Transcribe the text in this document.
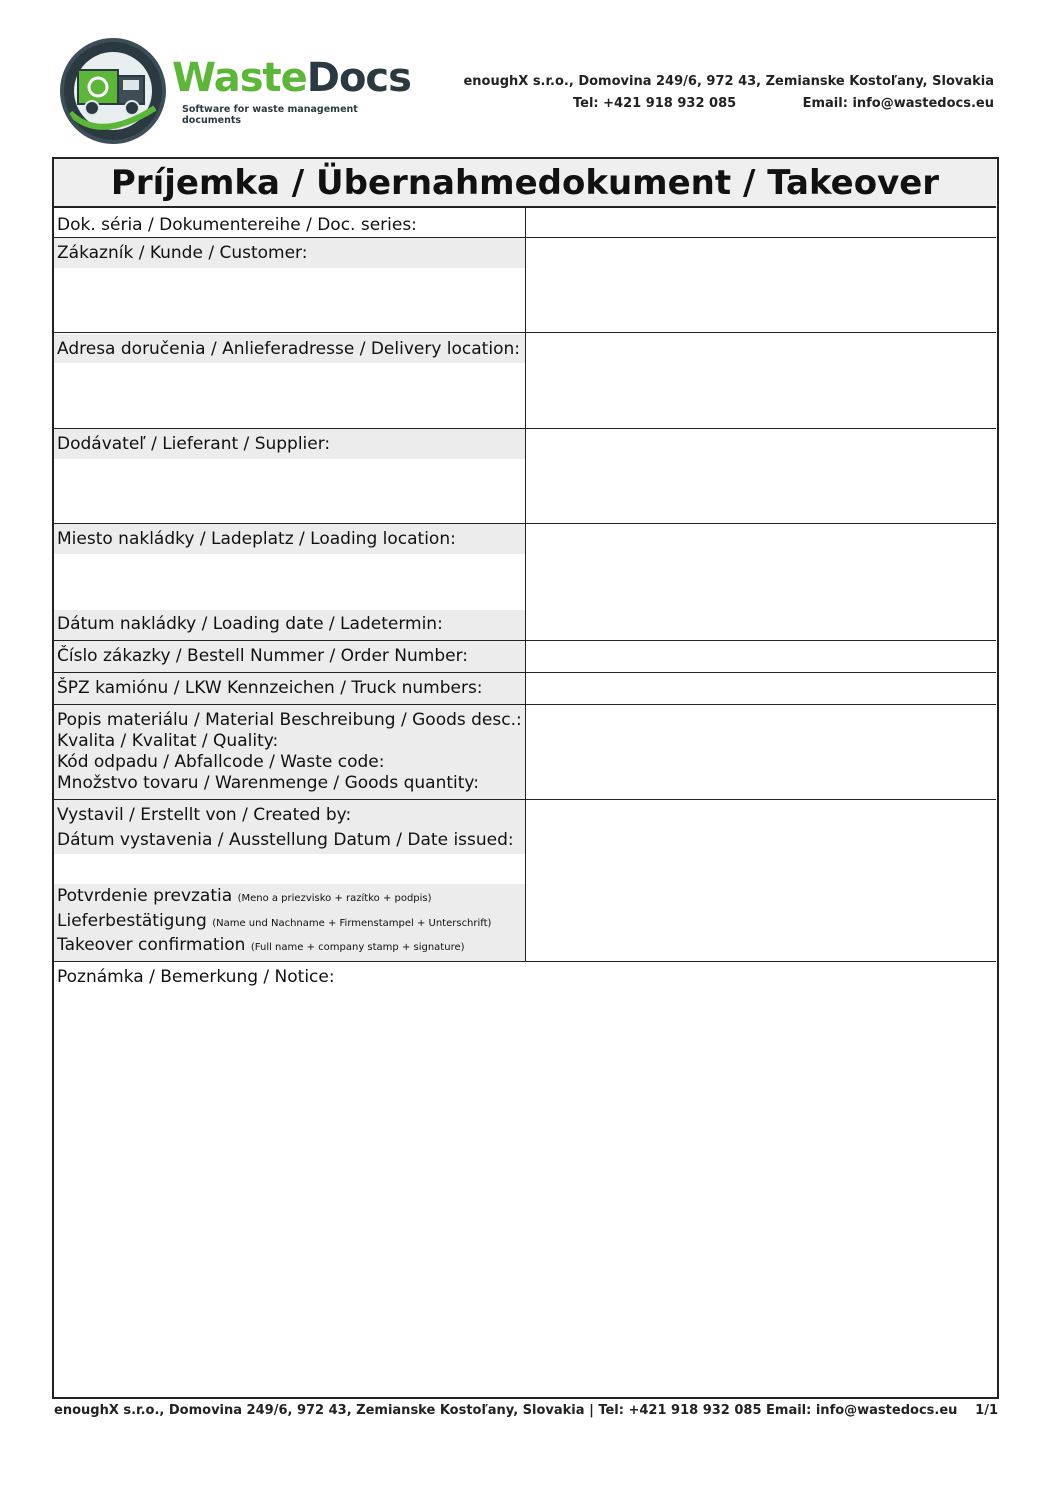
WasteDocs
Software for waste management documents
enoughX s.r.o., Domovina 249/6, 972 43, Zemianske Kostoľany, Slovakia
Tel: +421 918 932 085	Email: info@wastedocs.eu
Príjemka / Übernahmedokument / Takeover
Dok. séria / Dokumentereihe / Doc. series:
Zákazník / Kunde / Customer:
Adresa doručenia / Anlieferadresse / Delivery location:
Dodávateľ / Lieferant / Supplier:
Miesto nakládky / Ladeplatz / Loading location:
Dátum nakládky / Loading date / Ladetermin:
Číslo zákazky / Bestell Nummer / Order Number:
ŠPZ kamiónu / LKW Kennzeichen / Truck numbers:
Popis materiálu / Material Beschreibung / Goods desc.:
Kvalita / Kvalitat / Quality:
Kód odpadu / Abfallcode / Waste code:
Množstvo tovaru / Warenmenge / Goods quantity:
Vystavil / Erstellt von / Created by:
Dátum vystavenia / Ausstellung Datum / Date issued:
Potvrdenie prevzatia (Meno a priezvisko + razítko + podpis)
Lieferbestätigung (Name und Nachname + Firmenstampel + Unterschrift)
Takeover confirmation (Full name + company stamp + signature)
Poznámka / Bemerkung / Notice:
enoughX s.r.o., Domovina 249/6, 972 43, Zemianske Kostoľany, Slovakia | Tel: +421 918 932 085 Email: info@wastedocs.eu 1/1
